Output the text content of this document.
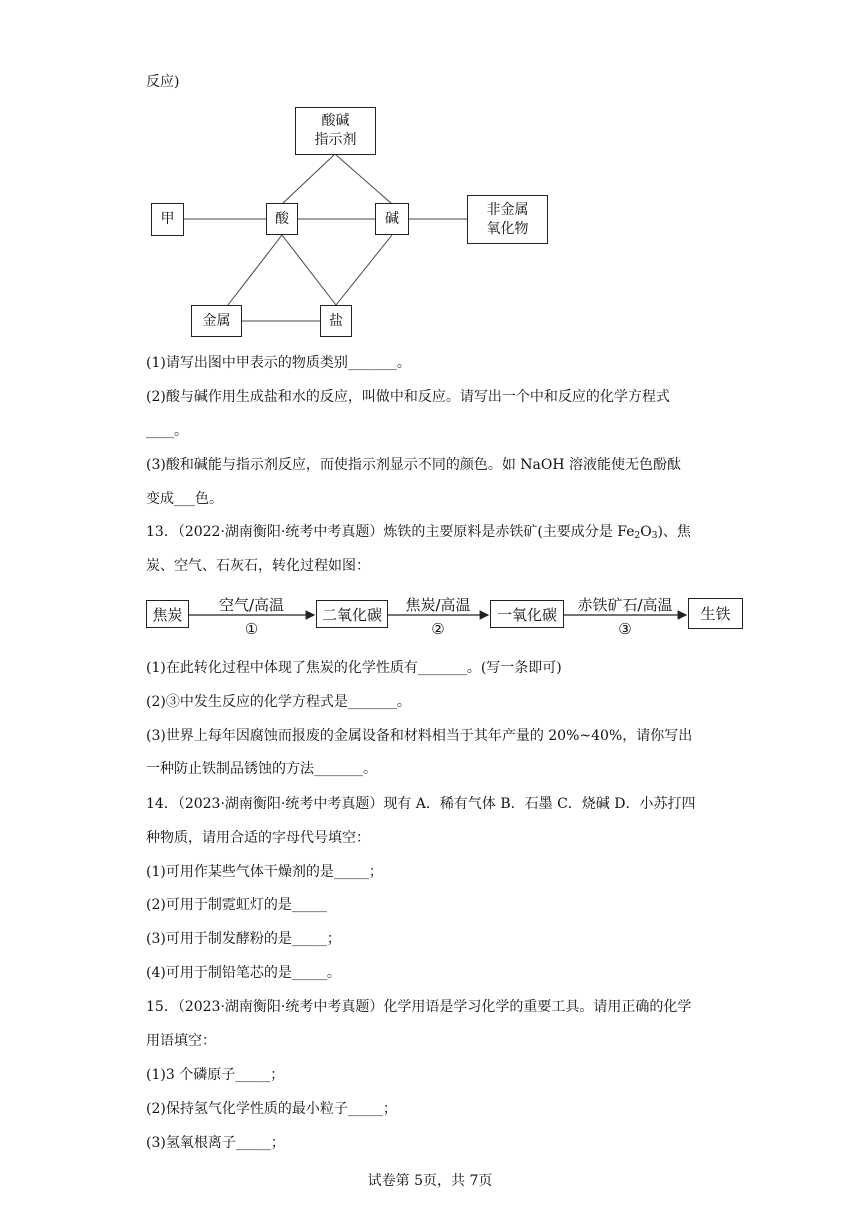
反应)
酸碱
指示剂
甲	酸	碱
非金属
氧化物
金属	盐
(1)请写出图中甲表示的物质类别_______。
(2)酸与碱作用生成盐和水的反应，叫做中和反应。请写出一个中和反应的化学方程式
____。
(3)酸和碱能与指示剂反应，而使指示剂显示不同的颜色。如 NaOH 溶液能使无色酚酞
变成___色。
13．（2022·湖南衡阳·统考中考真题）炼铁的主要原料是赤铁矿(主要成分是 $Fe_2O_3$)、焦
炭、空气、石灰石，转化过程如图：
焦炭	二氧化碳	一氧化碳	生铁
空气/高温	焦炭/高温	赤铁矿石/高温
①	②	③
(1)在此转化过程中体现了焦炭的化学性质有_______。(写一条即可)
(2)③中发生反应的化学方程式是_______。
(3)世界上每年因腐蚀而报废的金属设备和材料相当于其年产量的 20%~40%，请你写出
一种防止铁制品锈蚀的方法_______。
14．（2023·湖南衡阳·统考中考真题）现有 A．稀有气体 B．石墨 C．烧碱 D．小苏打四
种物质，请用合适的字母代号填空：
(1)可用作某些气体干燥剂的是_____；
(2)可用于制霓虹灯的是_____
(3)可用于制发酵粉的是_____；
(4)可用于制铅笔芯的是_____。
15．（2023·湖南衡阳·统考中考真题）化学用语是学习化学的重要工具。请用正确的化学
用语填空：
(1)3 个磷原子_____；
(2)保持氢气化学性质的最小粒子_____；
(3)氢氧根离子_____；
试卷第 5页，共 7页
